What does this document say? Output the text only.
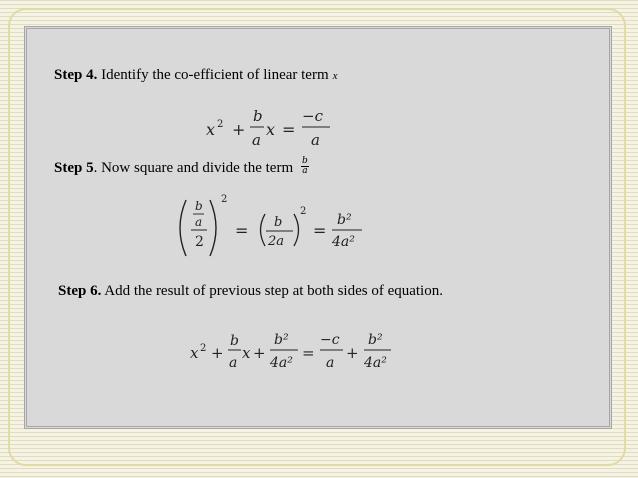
Step 4. Identify the co-efficient of linear term x
Step 5. Now square and divide the term $\frac{b}{a}$
Step 6. Add the result of previous step at both sides of equation.
x 2 +
b
a
x =
−c
a
b
a
2
2
= b
2a
2
=
b²
4a²
x 2 +
b
a
x +
b²
4a²
=
−c
a
+
b²
4a²
